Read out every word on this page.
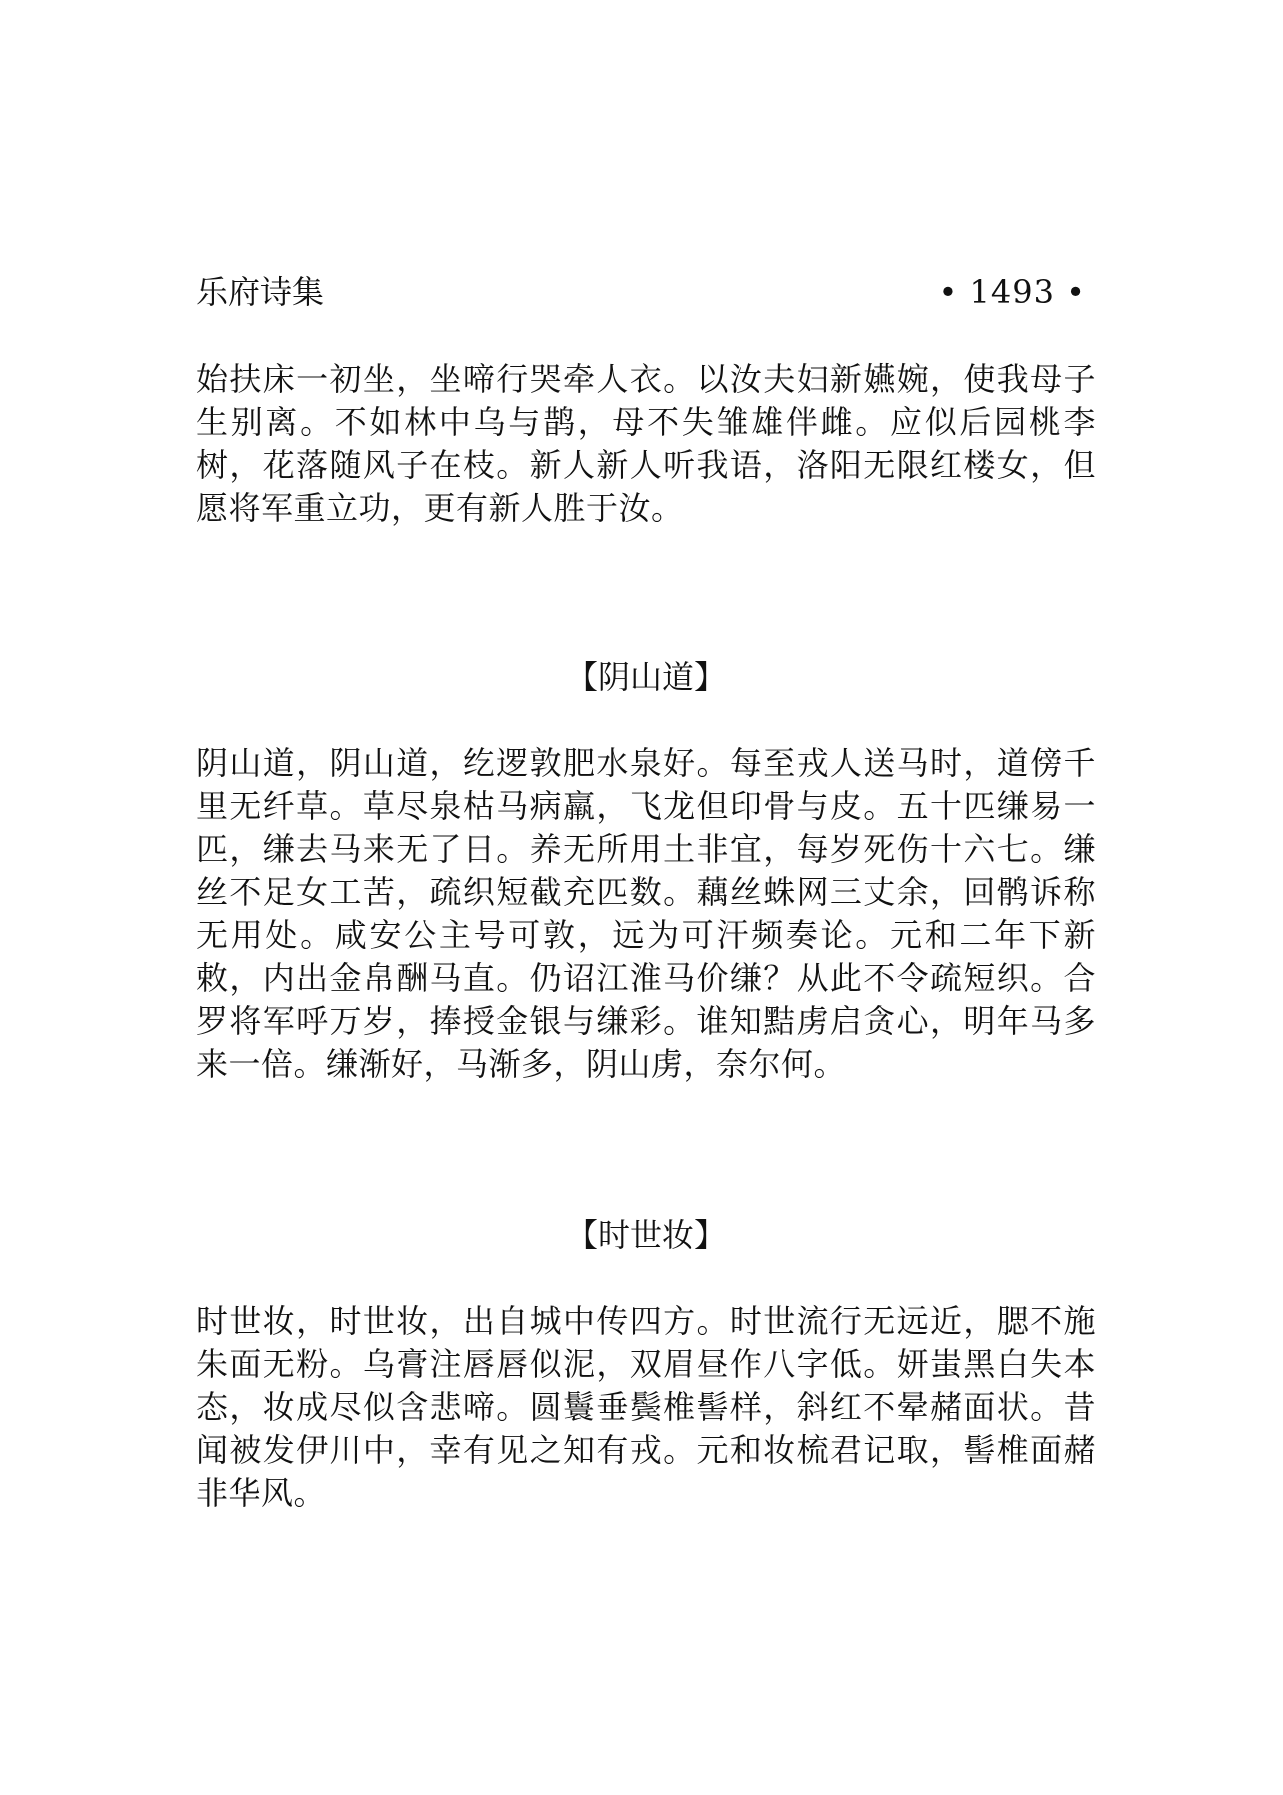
乐府诗集	• 1493 •

始扶床一初坐，坐啼行哭牵人衣。以汝夫妇新嬿婉，使我母子生别离。不如林中乌与鹊，母不失雏雄伴雌。应似后园桃李树，花落随风子在枝。新人新人听我语，洛阳无限红楼女，但愿将军重立功，更有新人胜于汝。

【阴山道】

阴山道，阴山道，纥逻敦肥水泉好。每至戎人送马时，道傍千里无纤草。草尽泉枯马病羸，飞龙但印骨与皮。五十匹缣易一匹，缣去马来无了日。养无所用土非宜，每岁死伤十六七。缣丝不足女工苦，疏织短截充匹数。藕丝蛛网三丈余，回鹘诉称无用处。咸安公主号可敦，远为可汗频奏论。元和二年下新敕，内出金帛酬马直。仍诏江淮马价缣？从此不令疏短织。合罗将军呼万岁，捧授金银与缣彩。谁知黠虏启贪心，明年马多来一倍。缣渐好，马渐多，阴山虏，奈尔何。

【时世妆】

时世妆，时世妆，出自城中传四方。时世流行无远近，腮不施朱面无粉。乌膏注唇唇似泥，双眉昼作八字低。妍蚩黑白失本态，妆成尽似含悲啼。圆鬟垂鬓椎髻样，斜红不晕赭面状。昔闻被发伊川中，幸有见之知有戎。元和妆梳君记取，髻椎面赭非华风。
